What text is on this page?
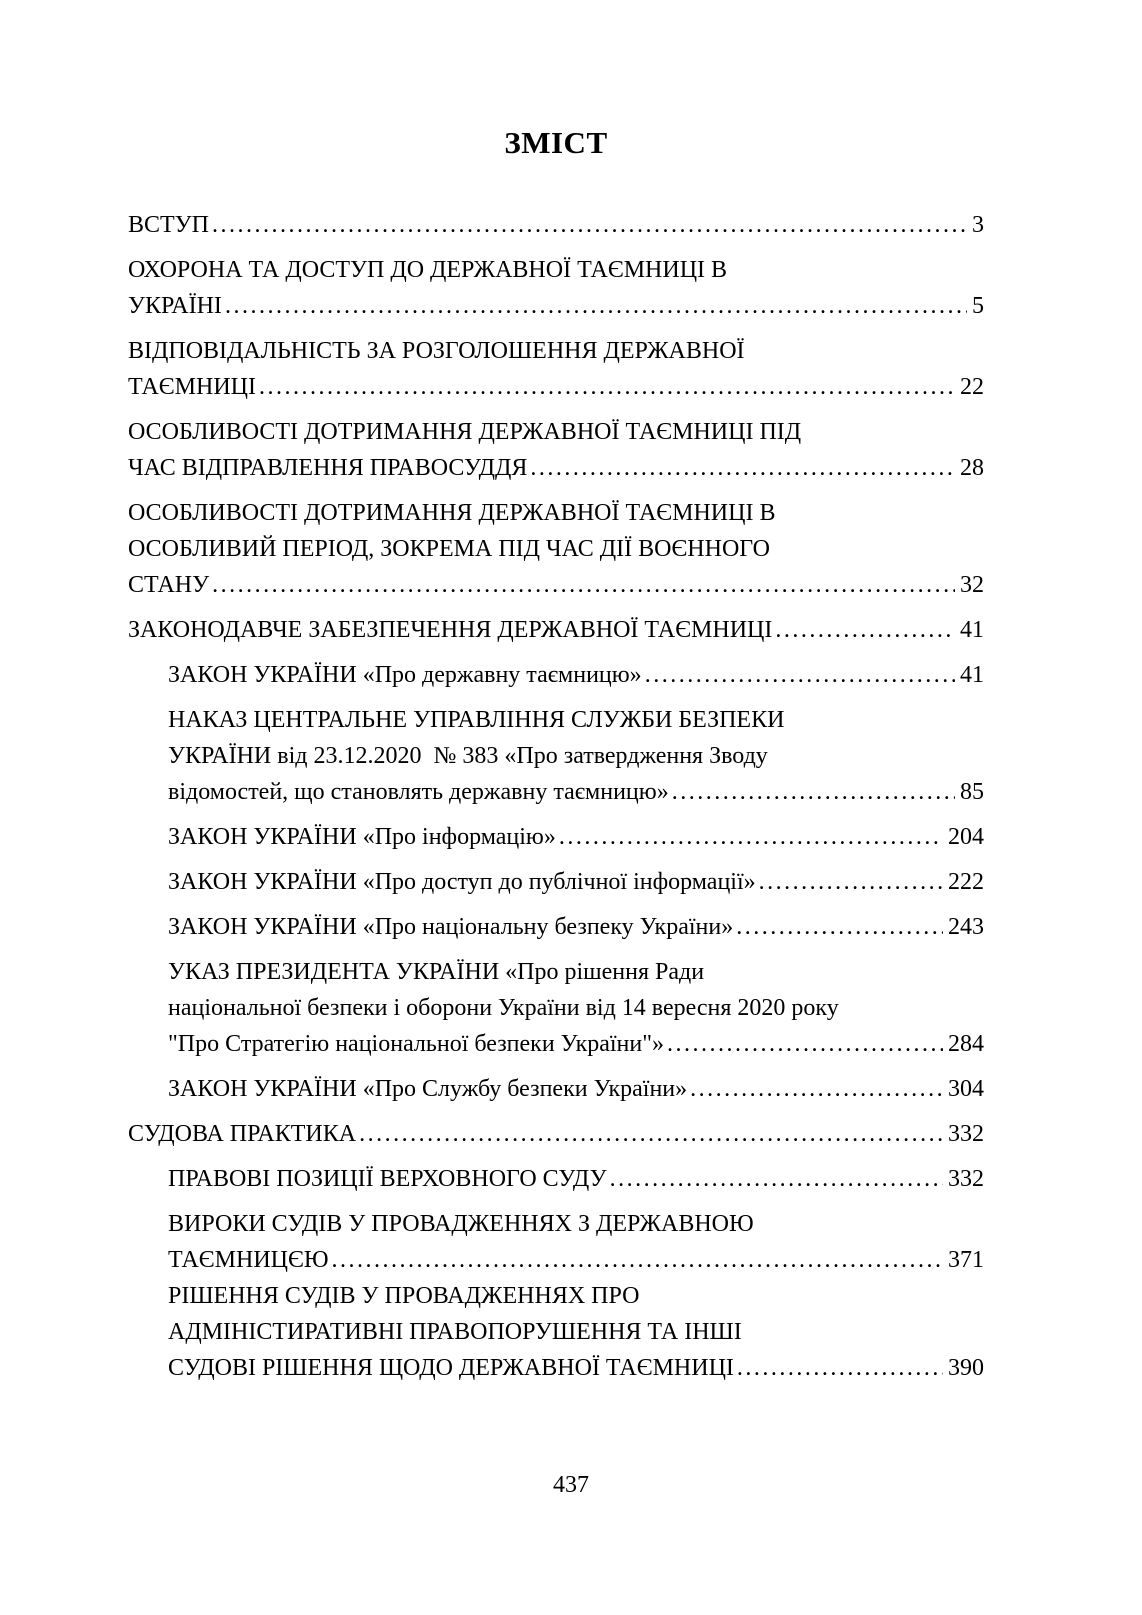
ЗМІСТ
ВСТУП .....	3
ОХОРОНА ТА ДОСТУП ДО ДЕРЖАВНОЇ ТАЄМНИЦІ В
УКРАЇНІ .....	5
ВІДПОВІДАЛЬНІСТЬ ЗА РОЗГОЛОШЕННЯ ДЕРЖАВНОЇ
ТАЄМНИЦІ .....	22
ОСОБЛИВОСТІ ДОТРИМАННЯ ДЕРЖАВНОЇ ТАЄМНИЦІ ПІД
ЧАС ВІДПРАВЛЕННЯ ПРАВОСУДДЯ .....	28
ОСОБЛИВОСТІ ДОТРИМАННЯ ДЕРЖАВНОЇ ТАЄМНИЦІ В
ОСОБЛИВИЙ ПЕРІОД, ЗОКРЕМА ПІД ЧАС ДІЇ ВОЄННОГО
СТАНУ .....	32
ЗАКОНОДАВЧЕ ЗАБЕЗПЕЧЕННЯ ДЕРЖАВНОЇ ТАЄМНИЦІ .....	41
ЗАКОН УКРАЇНИ «Про державну таємницю» .....	41
НАКАЗ ЦЕНТРАЛЬНЕ УПРАВЛІННЯ СЛУЖБИ БЕЗПЕКИ
УКРАЇНИ від 23.12.2020  № 383 «Про затвердження Зводу
відомостей, що становлять державну таємницю» .....	85
ЗАКОН УКРАЇНИ «Про інформацію» .....	204
ЗАКОН УКРАЇНИ «Про доступ до публічної інформації» .....	222
ЗАКОН УКРАЇНИ «Про національну безпеку України» .....	243
УКАЗ ПРЕЗИДЕНТА УКРАЇНИ «Про рішення Ради
національної безпеки і оборони України від 14 вересня 2020 року
"Про Стратегію національної безпеки України"» .....	284
ЗАКОН УКРАЇНИ «Про Службу безпеки України» .....	304
СУДОВА ПРАКТИКА .....	332
ПРАВОВІ ПОЗИЦІЇ ВЕРХОВНОГО СУДУ .....	332
ВИРОКИ СУДІВ У ПРОВАДЖЕННЯХ З ДЕРЖАВНОЮ
ТАЄМНИЦЄЮ .....	371
РІШЕННЯ СУДІВ У ПРОВАДЖЕННЯХ ПРО
АДМІНІСТИРАТИВНІ ПРАВОПОРУШЕННЯ ТА ІНШІ
СУДОВІ РІШЕННЯ ЩОДО ДЕРЖАВНОЇ ТАЄМНИЦІ .....	390
437
